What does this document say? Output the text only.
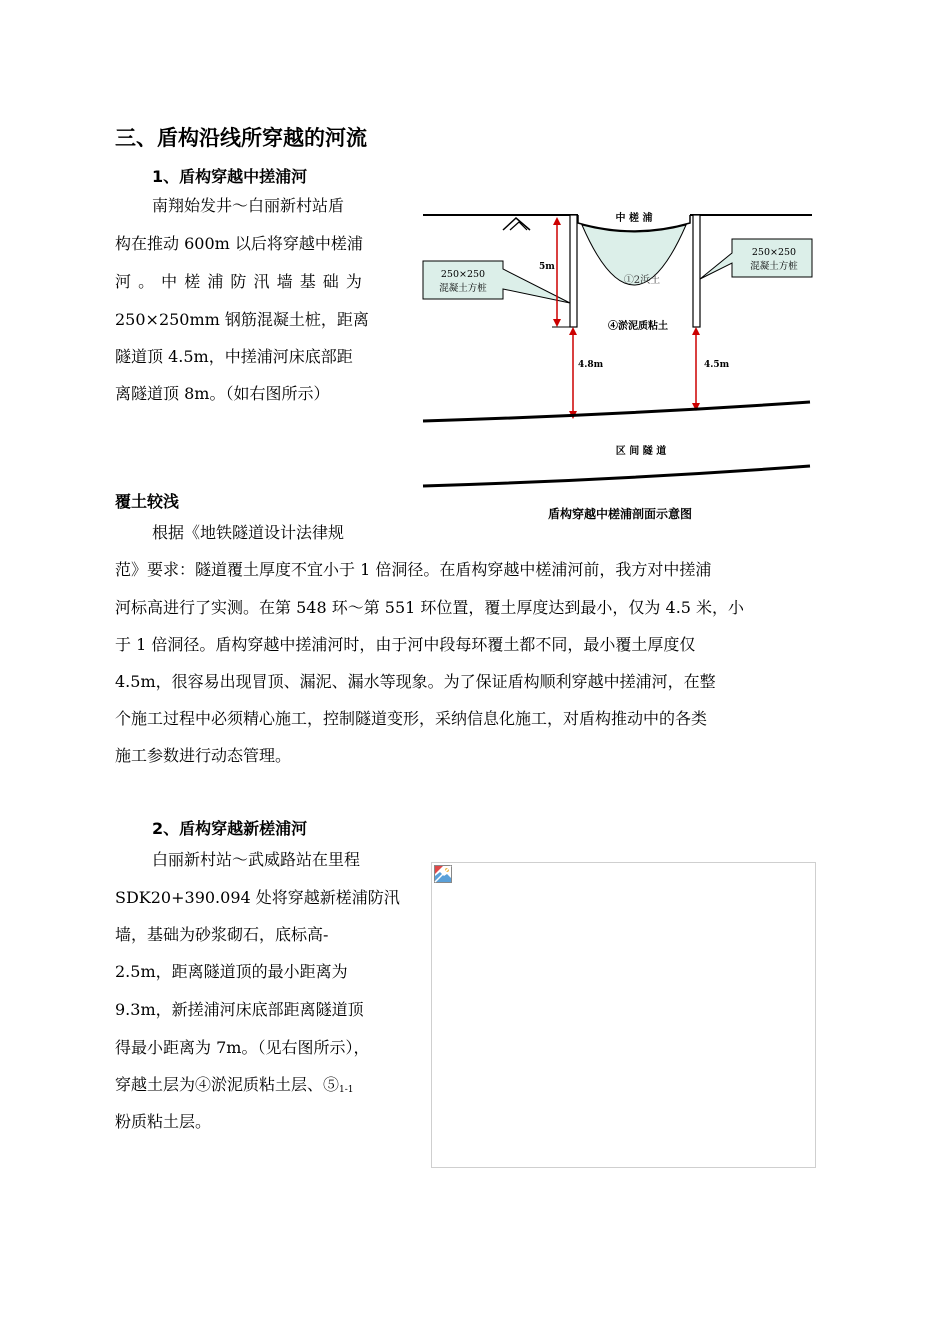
三、盾构沿线所穿越的河流
1、盾构穿越中搓浦河
南翔始发井～白丽新村站盾
构在推动 600m 以后将穿越中槎浦
河 。 中 槎 浦 防 汛 墙 基 础 为
250×250mm 钢筋混凝土桩，距离
隧道顶 4.5m，中搓浦河床底部距
离隧道顶 8m。（如右图所示）
中 槎 浦
①2浜土
④淤泥质粘土
250×250
混凝土方桩
250×250
混凝土方桩
5m
4.8m	4.5m
区 间 隧 道
盾构穿越中槎浦剖面示意图
覆土较浅
根据《地铁隧道设计法律规
范》要求：隧道覆土厚度不宜小于 1 倍洞径。在盾构穿越中槎浦河前，我方对中搓浦
河标高进行了实测。在第 548 环～第 551 环位置，覆土厚度达到最小，仅为 4.5 米，小
于 1 倍洞径。盾构穿越中搓浦河时，由于河中段每环覆土都不同，最小覆土厚度仅
4.5m，很容易出现冒顶、漏泥、漏水等现象。为了保证盾构顺利穿越中搓浦河，在整
个施工过程中必须精心施工，控制隧道变形，采纳信息化施工，对盾构推动中的各类
施工参数进行动态管理。
2、盾构穿越新槎浦河
白丽新村站～武威路站在里程
SDK20+390.094 处将穿越新槎浦防汛
墙，基础为砂浆砌石，底标高-
2.5m，距离隧道顶的最小距离为
9.3m，新搓浦河床底部距离隧道顶
得最小距离为 7m。（见右图所示），
穿越土层为④淤泥质粘土层、$⑤_{1-1}$
粉质粘土层。
